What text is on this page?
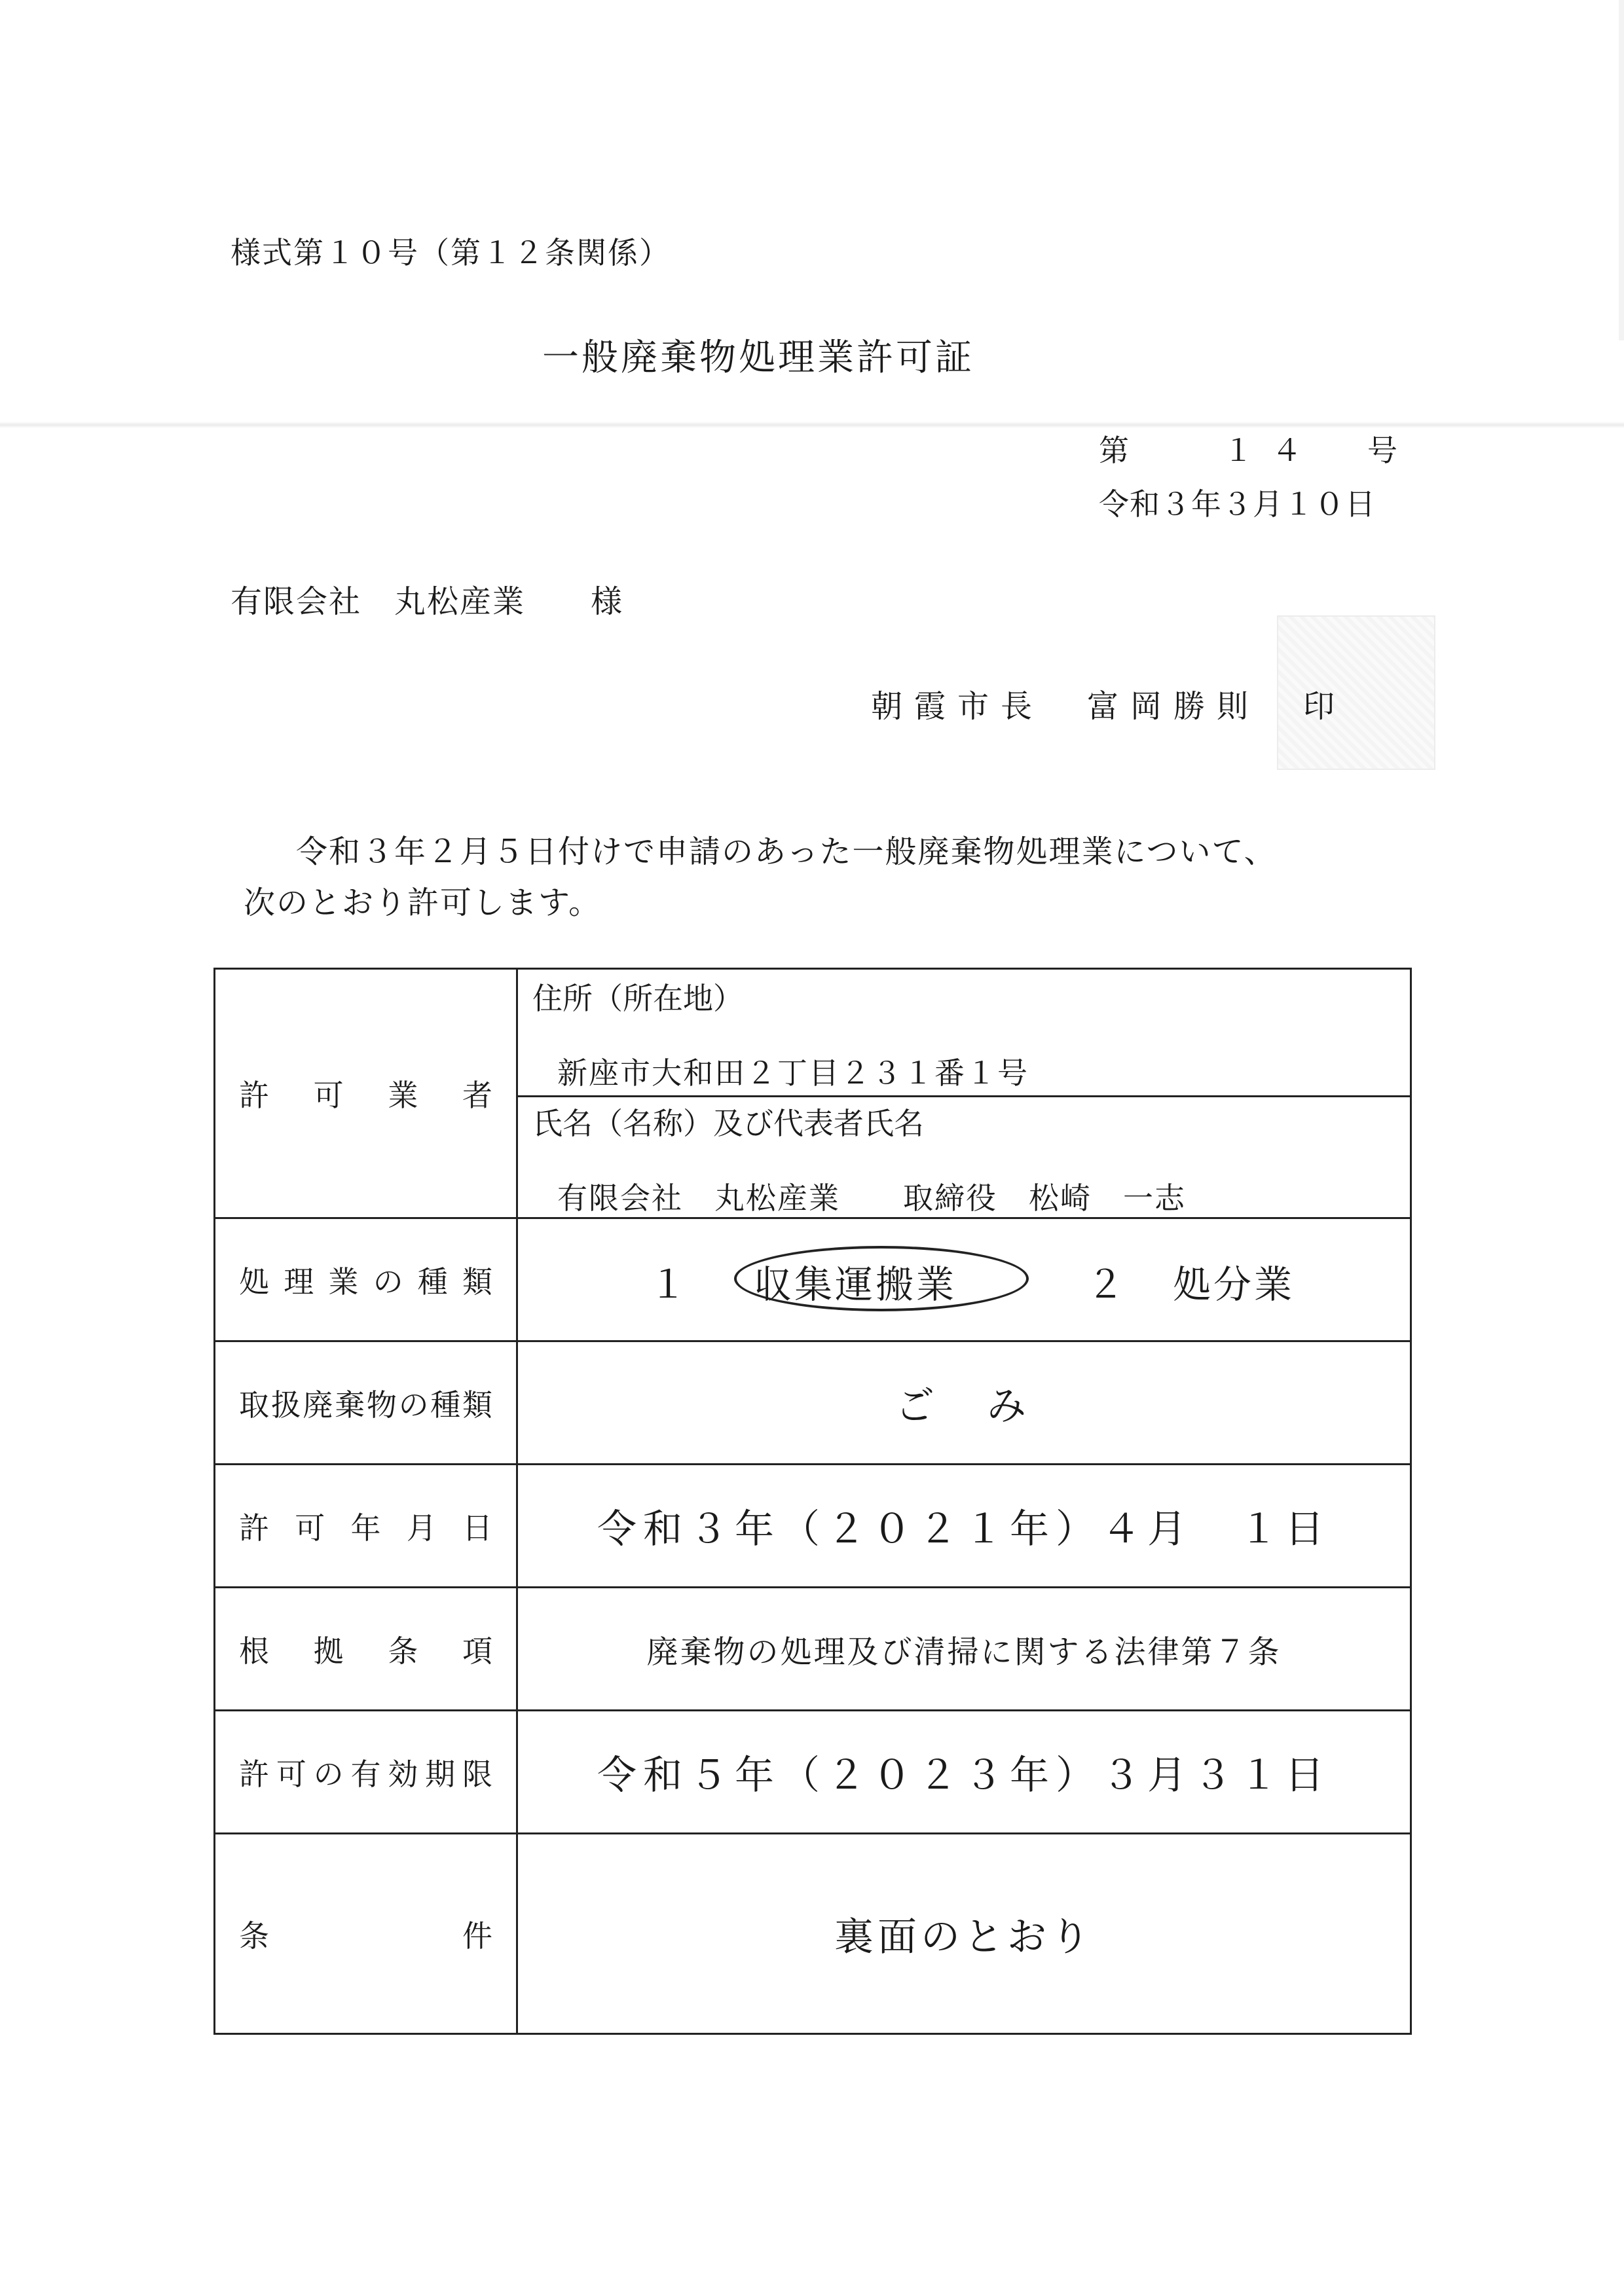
様式第１０号（第１２条関係）
一般廃棄物処理業許可証
第	１４ 号
令和３年３月１０日
有限会社　丸松産業　　様
朝霞市長　富岡勝則　印
令和３年２月５日付けで申請のあった一般廃棄物処理業について、
次のとおり許可します。
許可業者
住所（所在地）
新座市大和田２丁目２３１番１号
氏名（名称）及び代表者氏名
有限会社　丸松産業　　取締役　松崎　一志
処理業の種類	１ 収集運搬業	２ 処分業
取扱廃棄物の種類	ご　み
許可年月日	令和３年（２０２１年）４月　１日
根拠条項	廃棄物の処理及び清掃に関する法律第７条
許可の有効期限	令和５年（２０２３年）３月３１日
条件	裏面のとおり
